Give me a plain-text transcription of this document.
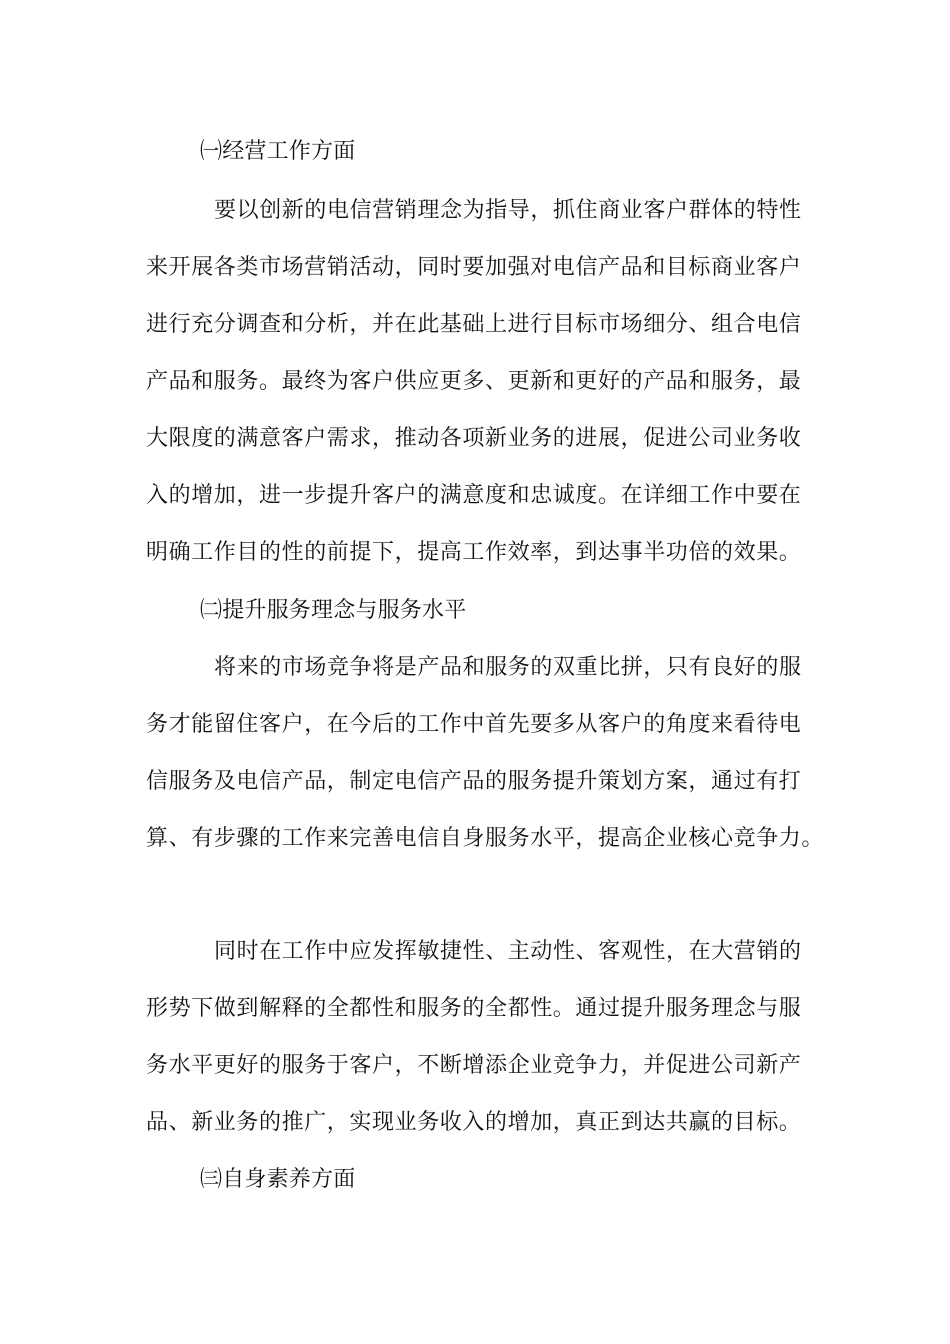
㈠经营工作方面
要以创新的电信营销理念为指导，抓住商业客户群体的特性
来开展各类市场营销活动，同时要加强对电信产品和目标商业客户
进行充分调查和分析，并在此基础上进行目标市场细分、组合电信
产品和服务。最终为客户供应更多、更新和更好的产品和服务，最
大限度的满意客户需求，推动各项新业务的进展，促进公司业务收
入的增加，进一步提升客户的满意度和忠诚度。在详细工作中要在
明确工作目的性的前提下，提高工作效率，到达事半功倍的效果。
㈡提升服务理念与服务水平
将来的市场竞争将是产品和服务的双重比拼，只有良好的服
务才能留住客户，在今后的工作中首先要多从客户的角度来看待电
信服务及电信产品，制定电信产品的服务提升策划方案，通过有打
算、有步骤的工作来完善电信自身服务水平，提高企业核心竞争力。
同时在工作中应发挥敏捷性、主动性、客观性，在大营销的
形势下做到解释的全都性和服务的全都性。通过提升服务理念与服
务水平更好的服务于客户，不断增添企业竞争力，并促进公司新产
品、新业务的推广，实现业务收入的增加，真正到达共赢的目标。
㈢自身素养方面
